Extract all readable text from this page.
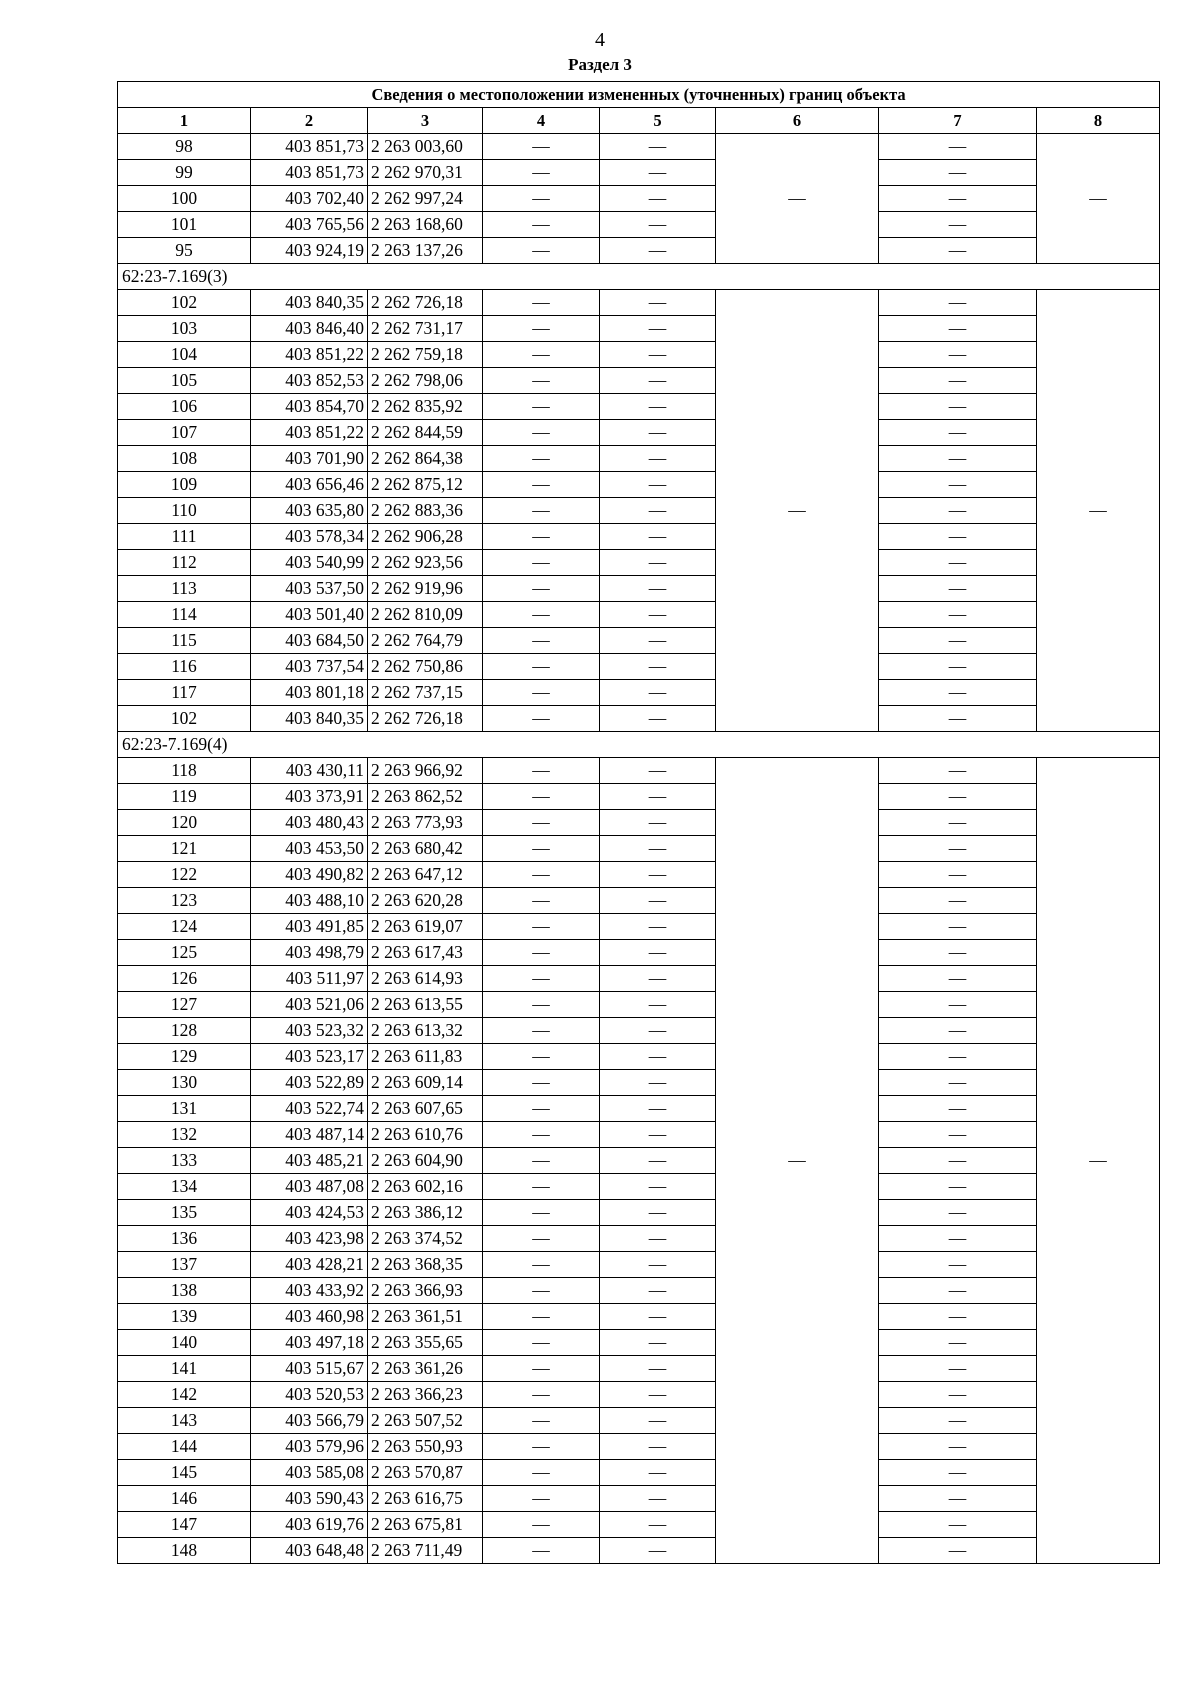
4
Раздел 3
Сведения о местоположении измененных (уточненных) границ объекта							
1	2	3	4	5	6	7	8
98	403 851,73	2 263 003,60	—	—	—	—	—
99	403 851,73	2 262 970,31	—	—		—	
100	403 702,40	2 262 997,24	—	—		—	
101	403 765,56	2 263 168,60	—	—		—	
95	403 924,19	2 263 137,26	—	—		—	
62:23-7.169(3)							
102	403 840,35	2 262 726,18	—	—	—	—	—
103	403 846,40	2 262 731,17	—	—		—	
104	403 851,22	2 262 759,18	—	—		—	
105	403 852,53	2 262 798,06	—	—		—	
106	403 854,70	2 262 835,92	—	—		—	
107	403 851,22	2 262 844,59	—	—		—	
108	403 701,90	2 262 864,38	—	—		—	
109	403 656,46	2 262 875,12	—	—		—	
110	403 635,80	2 262 883,36	—	—		—	
111	403 578,34	2 262 906,28	—	—		—	
112	403 540,99	2 262 923,56	—	—		—	
113	403 537,50	2 262 919,96	—	—		—	
114	403 501,40	2 262 810,09	—	—		—	
115	403 684,50	2 262 764,79	—	—		—	
116	403 737,54	2 262 750,86	—	—		—	
117	403 801,18	2 262 737,15	—	—		—	
102	403 840,35	2 262 726,18	—	—		—	
62:23-7.169(4)							
118	403 430,11	2 263 966,92	—	—	—	—	—
119	403 373,91	2 263 862,52	—	—		—	
120	403 480,43	2 263 773,93	—	—		—	
121	403 453,50	2 263 680,42	—	—		—	
122	403 490,82	2 263 647,12	—	—		—	
123	403 488,10	2 263 620,28	—	—		—	
124	403 491,85	2 263 619,07	—	—		—	
125	403 498,79	2 263 617,43	—	—		—	
126	403 511,97	2 263 614,93	—	—		—	
127	403 521,06	2 263 613,55	—	—		—	
128	403 523,32	2 263 613,32	—	—		—	
129	403 523,17	2 263 611,83	—	—		—	
130	403 522,89	2 263 609,14	—	—		—	
131	403 522,74	2 263 607,65	—	—		—	
132	403 487,14	2 263 610,76	—	—		—	
133	403 485,21	2 263 604,90	—	—		—	
134	403 487,08	2 263 602,16	—	—		—	
135	403 424,53	2 263 386,12	—	—		—	
136	403 423,98	2 263 374,52	—	—		—	
137	403 428,21	2 263 368,35	—	—		—	
138	403 433,92	2 263 366,93	—	—		—	
139	403 460,98	2 263 361,51	—	—		—	
140	403 497,18	2 263 355,65	—	—		—	
141	403 515,67	2 263 361,26	—	—		—	
142	403 520,53	2 263 366,23	—	—		—	
143	403 566,79	2 263 507,52	—	—		—	
144	403 579,96	2 263 550,93	—	—		—	
145	403 585,08	2 263 570,87	—	—		—	
146	403 590,43	2 263 616,75	—	—		—	
147	403 619,76	2 263 675,81	—	—		—	
148	403 648,48	2 263 711,49	—	—		—	
